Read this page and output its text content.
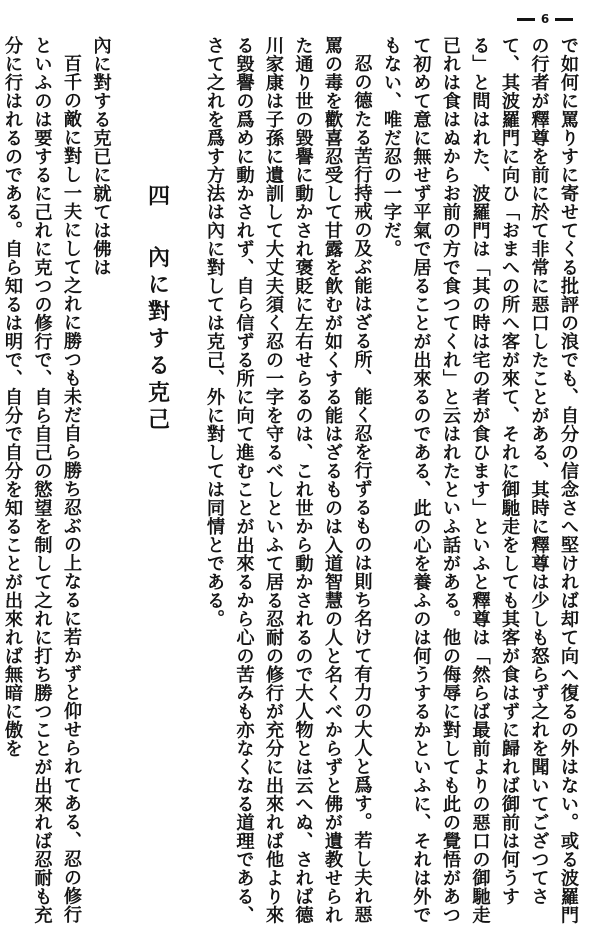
6

で如何に罵りすに寄せてくる批評の浪でも、自分の信念さへ堅ければ却て向へ復るの外はない。或る波羅門の行者が釋尊を前に於て非常に惡口したことがある、其時に釋尊は少しも怒らず之れを聞いてござつてさて、其波羅門に向ひ「おまへの所へ客が來て、それに御馳走をしても其客が食はずに歸れば御前は何うする」と問はれた、波羅門は「其の時は宅の者が食ひます」といふと釋尊は「然らば最前よりの惡口の御馳走已れは食はぬからお前の方で食つてくれ」と云はれたといふ話がある。他の侮辱に對しても此の覺悟があつて初めて意に無せず平氣で居ることが出來るのである、此の心を養ふのは何うするかといふに、それは外でもない、唯だ忍の一字だ。

忍の德たる苦行持戒の及ぶ能はざる所、能く忍を行ずるものは則ち名けて有力の大人と爲す。若し夫れ惡罵の毒を歡喜忍受して甘露を飮むが如くする能はざるものは入道智慧の人と名くべからずと佛が遺教せられた通り世の毀譽に動かされ褒貶に左右せらるのは、これ世から動かされるので大人物とは云へぬ、されば德川家康は子孫に遺訓して大丈夫須く忍の一字を守るべしといふて居る忍耐の修行が充分に出來れば他より來る毀譽の爲めに動かされず、自ら信ずる所に向て進むことが出來るから心の苦みも亦なくなる道理である、さて之れを爲す方法は內に對しては克己、外に對しては同情とである。

四 內に對する克己

內に對する克已に就ては佛は

百千の敵に對し一夫にして之れに勝つも未だ自ら勝ち忍ぶの上なるに若かずと仰せられてある、忍の修行といふのは要するに己れに克つの修行で、自ら自己の慾望を制して之れに打ち勝つことが出來れば忍耐も充分に行はれるのである。自ら知るは明で、自分で自分を知ることが出來れば無暗に傲を
